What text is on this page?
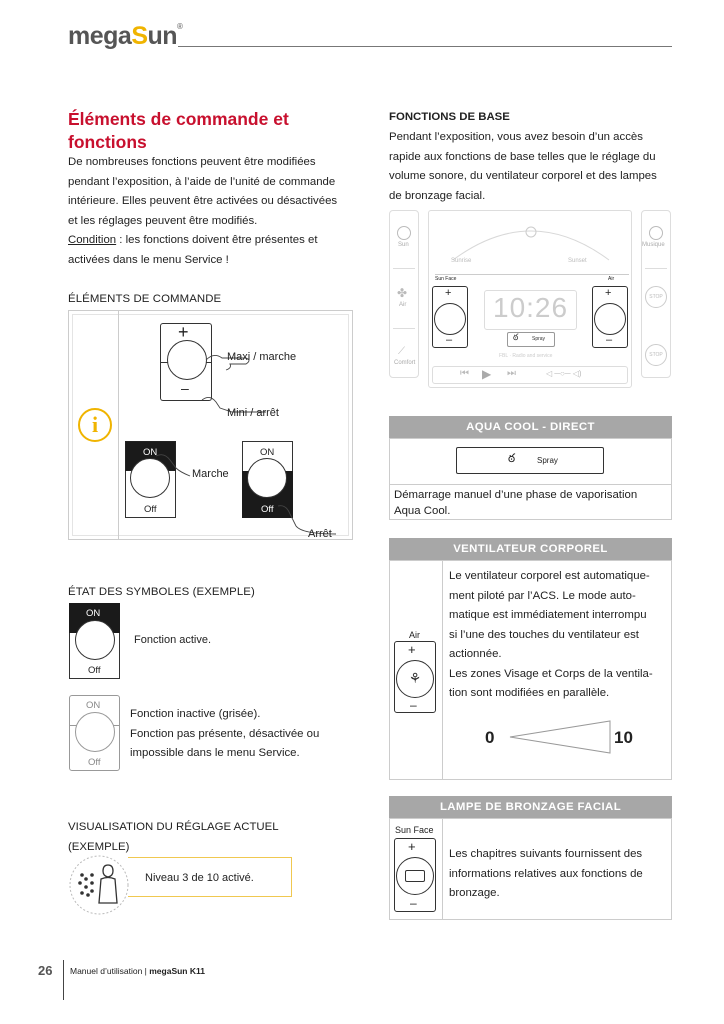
megaSun®
Éléments de commande et fonctions
De nombreuses fonctions peuvent être modifiées
pendant l’exposition, à l’aide de l’unité de commande
intérieure. Elles peuvent être activées ou désactivées
et les réglages peuvent être modifiés.
Condition : les fonctions doivent être présentes et
activées dans le menu Service !
ÉLÉMENTS DE COMMANDE
i
+
–
Maxi / marche
Mini / arrêt
ON
Off
Marche
ON
Off
Arrêt
ÉTAT DES SYMBOLES (EXEMPLE)
ON
Off
Fonction active.
ON
Off
Fonction inactive (grisée).
Fonction pas présente, désactivée ou
impossible dans le menu Service.
VISUALISATION DU RÉGLAGE ACTUEL
(EXEMPLE)
Niveau 3 de 10 activé.
FONCTIONS DE BASE
Pendant l’exposition, vous avez besoin d’un accès
rapide aux fonctions de base telles que le réglage du
volume sonore, du ventilateur corporel et des lampes
de bronzage facial.
Sun
✤
Air
⟋
Comfort
Sunrise	Sunset
Sun Face	Air
+
–
+
–
10:26
ఠ	Spray
FBL · Radio and service
⏮ ▶ ⏭	◁ ─○─ ◁)
Musique
STOP
STOP
AQUA COOL - DIRECT
ఠ	Spray
Démarrage manuel d’une phase de vaporisation
Aqua Cool.
VENTILATEUR CORPOREL
Air
+
–
Le ventilateur corporel est automatique-
ment piloté par l’ACS. Le mode auto-
matique est immédiatement interrompu
si l’une des touches du ventilateur est
actionnée.
Les zones Visage et Corps de la ventila-
tion sont modifiées en parallèle.
0	10
LAMPE DE BRONZAGE FACIAL
Sun Face
+
–
Les chapitres suivants fournissent des
informations relatives aux fonctions de
bronzage.
⚘
26 Manuel d’utilisation | megaSun K11
